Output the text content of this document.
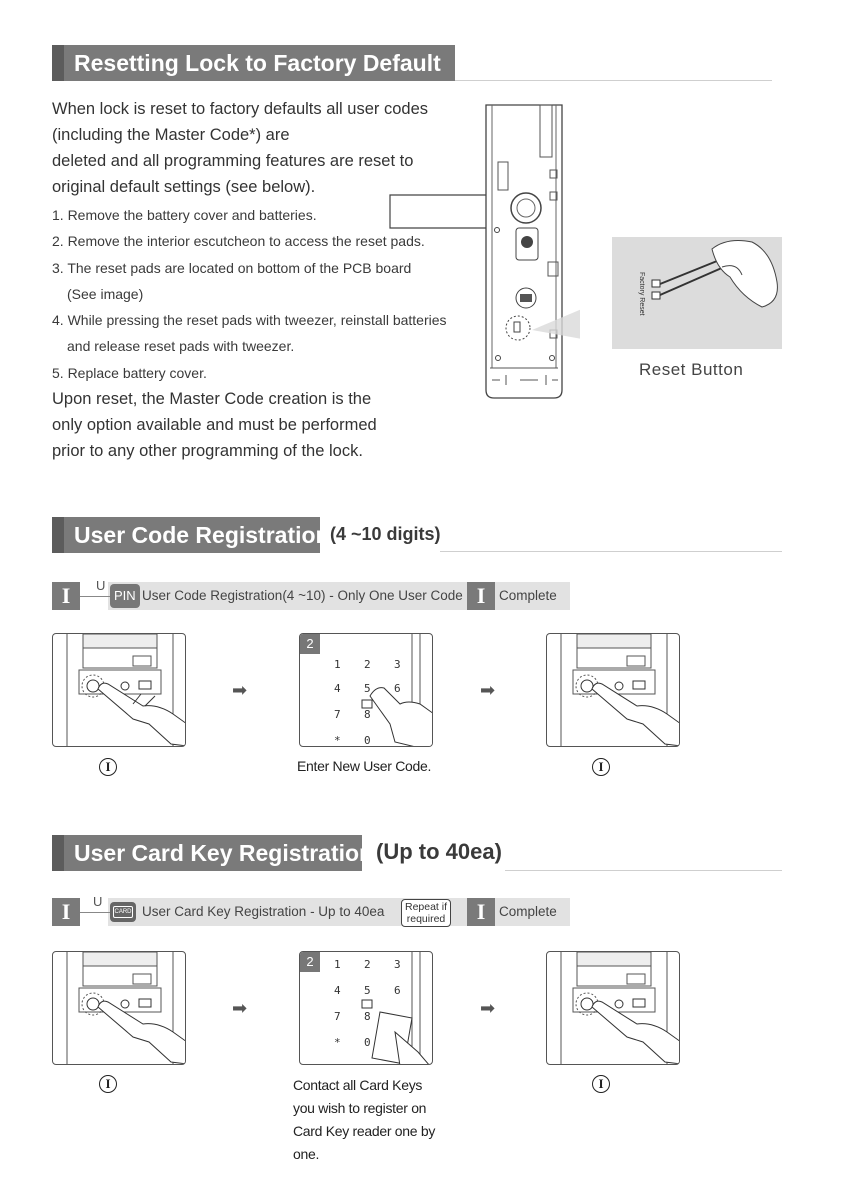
Resetting Lock to Factory Default
When lock is reset to factory defaults all user codes
(including the Master Code*) are
deleted and all programming features are reset to
original default settings (see below).
1. Remove the battery cover and batteries.
2. Remove the interior escutcheon to access the reset pads.
3. The reset pads are located on bottom of the PCB board
(See image)
4. While pressing the reset pads with tweezer, reinstall batteries
and release reset pads with tweezer.
5. Replace battery cover.
Upon reset, the Master Code creation is the
only option available and must be performed
prior to any other programming of the lock.
Factory Reset
Reset Button
User Code Registration (4 ~10 digits)
I	U
PIN User Code Registration(4 ~10) - Only One User Code I	Complete
➡
2
1 2 3
4 5 6
7 8
* 0
➡
I	Enter New User Code.	I
User Card Key Registration (Up to 40ea)
I	U
CARD User Card Key Registration - Up to 40ea Repeat if
required	I	Complete
➡
2	1 2 3
4 5 6
7 8
* 0
➡
I	Contact all Card Keys
you wish to register on
Card Key reader one by
one.
I
